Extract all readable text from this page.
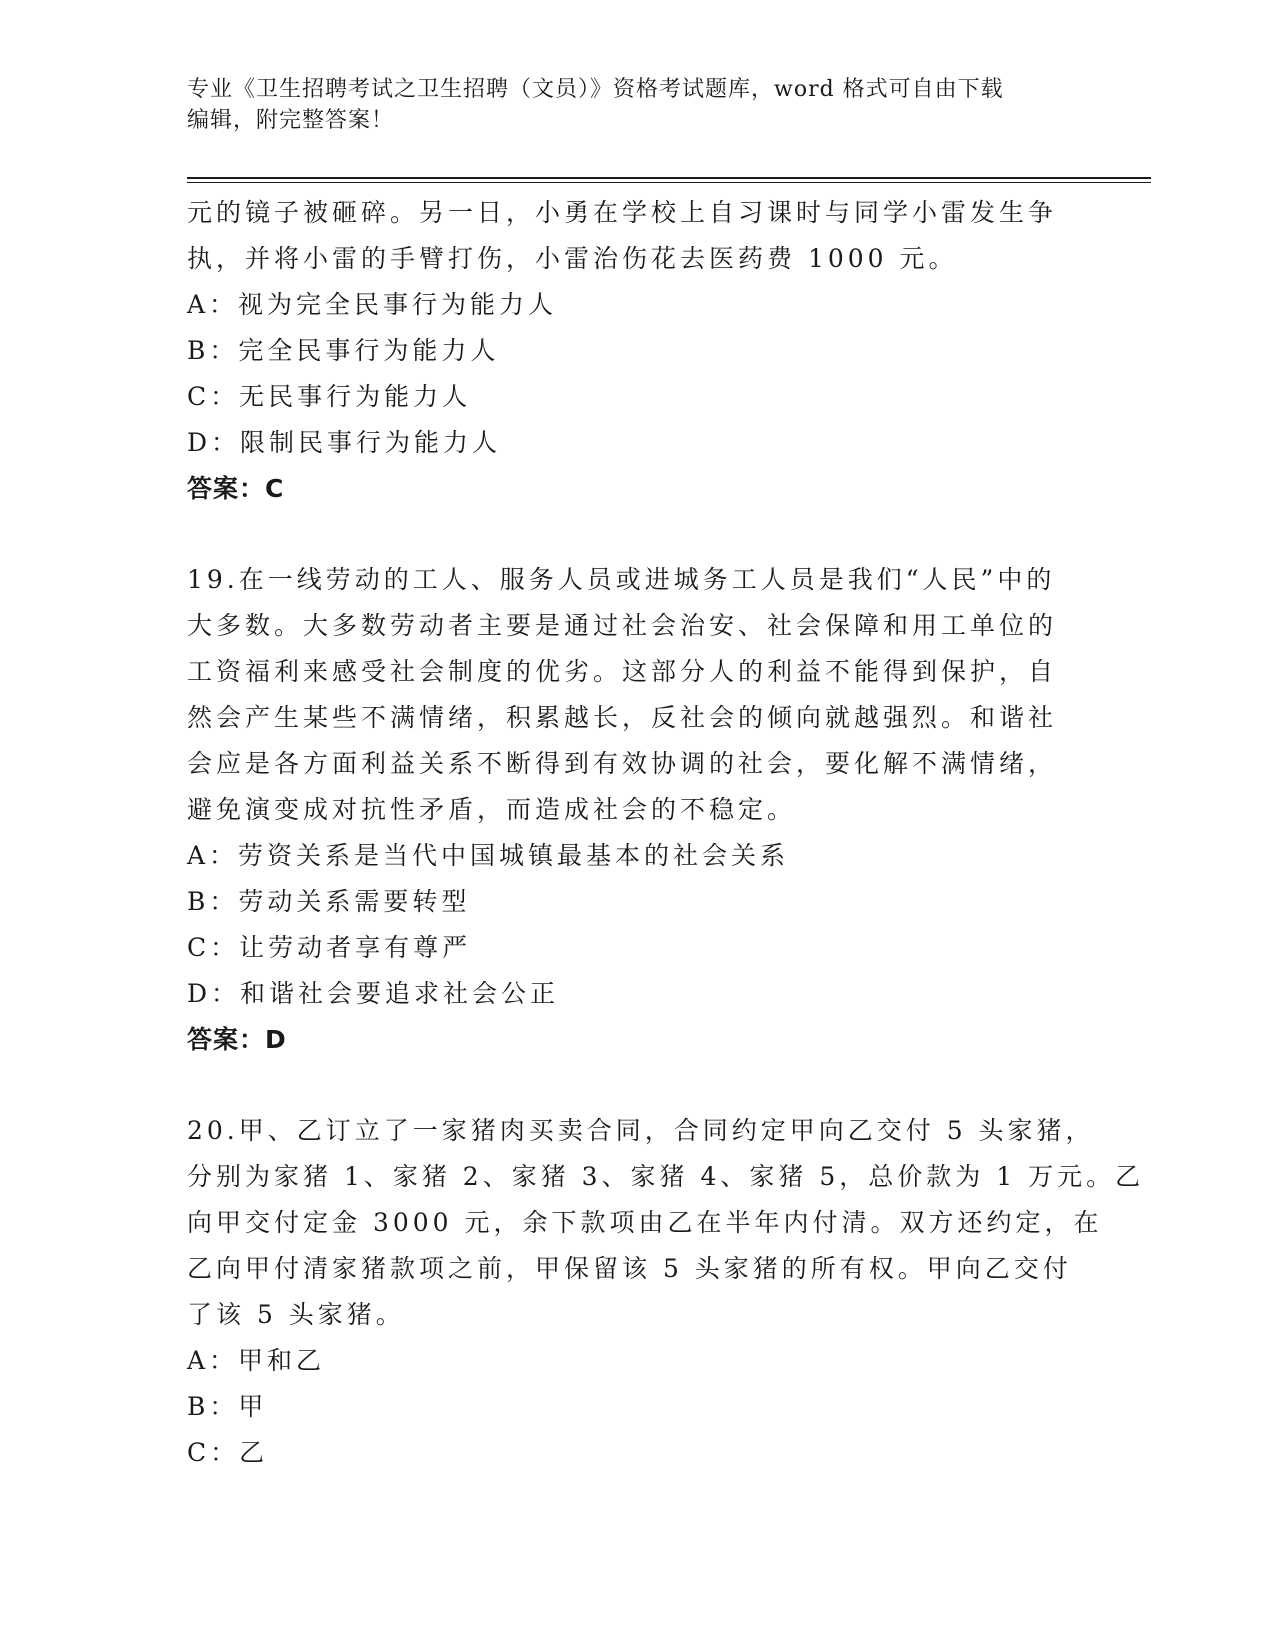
专业《卫生招聘考试之卫生招聘（文员）》资格考试题库，word 格式可自由下载
编辑，附完整答案！

元的镜子被砸碎。另一日，小勇在学校上自习课时与同学小雷发生争

执，并将小雷的手臂打伤，小雷治伤花去医药费 1000 元。

A：视为完全民事行为能力人

B：完全民事行为能力人

C：无民事行为能力人

D：限制民事行为能力人

答案：C

19.在一线劳动的工人、服务人员或进城务工人员是我们“人民”中的

大多数。大多数劳动者主要是通过社会治安、社会保障和用工单位的

工资福利来感受社会制度的优劣。这部分人的利益不能得到保护，自

然会产生某些不满情绪，积累越长，反社会的倾向就越强烈。和谐社

会应是各方面利益关系不断得到有效协调的社会，要化解不满情绪，

避免演变成对抗性矛盾，而造成社会的不稳定。

A：劳资关系是当代中国城镇最基本的社会关系

B：劳动关系需要转型

C：让劳动者享有尊严

D：和谐社会要追求社会公正

答案：D

20.甲、乙订立了一家猪肉买卖合同，合同约定甲向乙交付 5 头家猪，

分别为家猪 1、家猪 2、家猪 3、家猪 4、家猪 5，总价款为 1 万元。乙

向甲交付定金 3000 元，余下款项由乙在半年内付清。双方还约定，在

乙向甲付清家猪款项之前，甲保留该 5 头家猪的所有权。甲向乙交付

了该 5 头家猪。

A：甲和乙

B：甲

C：乙
